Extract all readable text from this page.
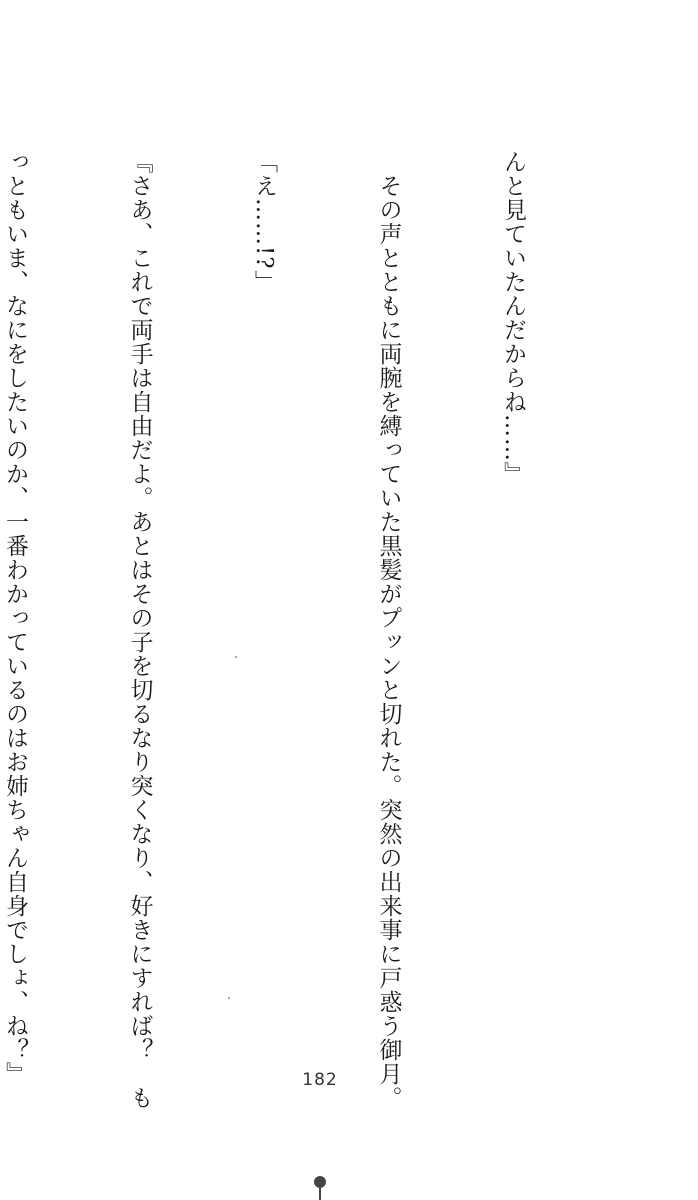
んと見ていたんだからね……』

　その声とともに両腕を縛っていた黒髪がプッンと切れた。突然の出来事に戸惑う御月。

「え……!?」

『さあ、これで両手は自由だよ。あとはその子を切るなり突くなり、好きにすれば？　も

っともいま、なにをしたいのか、一番わかっているのはお姉ちゃん自身でしょ、ね？』

	182
